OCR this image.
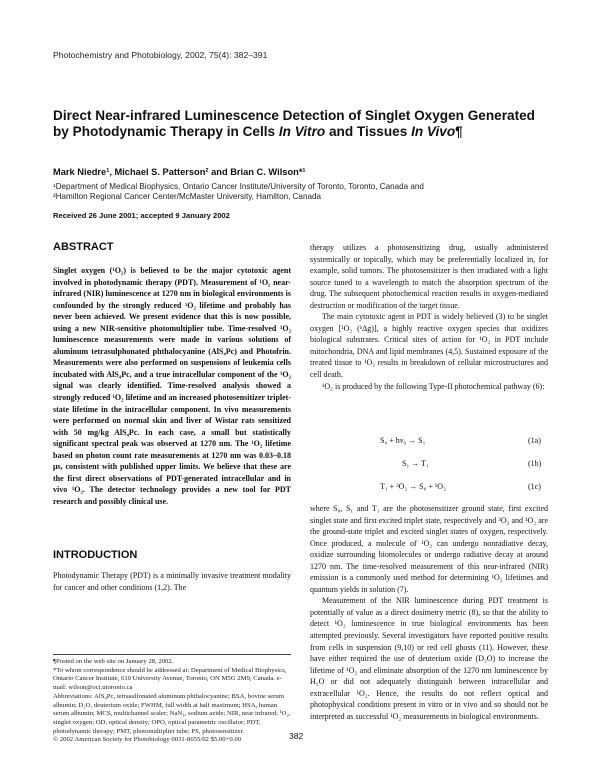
Photochemistry and Photobiology, 2002, 75(4): 382–391
Direct Near-infrared Luminescence Detection of Singlet Oxygen Generated by Photodynamic Therapy in Cells In Vitro and Tissues In Vivo¶
Mark Niedre¹, Michael S. Patterson² and Brian C. Wilson*¹
¹Department of Medical Biophysics, Ontario Cancer Institute/University of Toronto, Toronto, Canada and
²Hamilton Regional Cancer Center/McMaster University, Hamilton, Canada
Received 26 June 2001; accepted 9 January 2002
ABSTRACT

Singlet oxygen (¹O₂) is believed to be the major cytotoxic agent involved in photodynamic therapy (PDT). Measurement of ¹O₂ near-infrared (NIR) luminescence at 1270 nm in biological environments is confounded by the strongly reduced ¹O₂ lifetime and probably has never been achieved. We present evidence that this is now possible, using a new NIR-sensitive photomultiplier tube. Time-resolved ¹O₂ luminescence measurements were made in various solutions of aluminum tetrasulphonated phthalocyanine (AlS₄Pc) and Photofrin. Measurements were also performed on suspensions of leukemia cells incubated with AlS₄Pc, and a true intracellular component of the ¹O₂ signal was clearly identified. Time-resolved analysis showed a strongly reduced ¹O₂ lifetime and an increased photosensitizer triplet-state lifetime in the intracellular component. In vivo measurements were performed on normal skin and liver of Wistar rats sensitized with 50 mg/kg AlS₄Pc. In each case, a small but statistically significant spectral peak was observed at 1270 nm. The ¹O₂ lifetime based on photon count rate measurements at 1270 nm was 0.03–0.18 μs, consistent with published upper limits. We believe that these are the first direct observations of PDT-generated intracellular and in vivo ¹O₂. The detector technology provides a new tool for PDT research and possibly clinical use.

INTRODUCTION

Photodynamic Therapy (PDT) is a minimally invasive treatment modality for cancer and other conditions (1,2). The

¶Posted on the web site on January 28, 2002.

*To whom correspondence should be addressed at: Department of Medical Biophysics, Ontario Cancer Institute, 610 University Avenue, Toronto, ON M5G 2M9, Canada. e-mail: wilson@oci.utoronto.ca

Abbreviations: AlS₄Pc, tetrasulfonated aluminum phthalocyanine; BSA, bovine serum albumin; D₂O, deuterium oxide; FWHM, full width at half maximum; HSA, human serum albumin; MCS, multichannel scaler; NaN₃, sodium azide; NIR, near infrared; ¹O₂, singlet oxygen; OD, optical density; OPO, optical parametric oscillator; PDT, photodynamic therapy; PMT, photomultiplier tube; PS, photosensitizer.

© 2002 American Society for Photobiology 0031-8655/02 $5.00+0.00

therapy utilizes a photosensitizing drug, usually administered systemically or topically, which may be preferentially localized in, for example, solid tumors. The photosensitizer is then irradiated with a light source tuned to a wavelength to match the absorption spectrum of the drug. The subsequent photochemical reaction results in oxygen-mediated destruction or modification of the target tissue.

The main cytotoxic agent in PDT is widely believed (3) to be singlet oxygen [¹O₂ (¹Δg)], a highly reactive oxygen species that oxidizes biological substrates. Critical sites of action for ¹O₂ in PDT include mitochondria, DNA and lipid membranes (4,5). Sustained exposure of the treated tissue to ¹O₂ results in breakdown of cellular microstructures and cell death.

¹O₂ is produced by the following Type-II photochemical pathway (6):

S₀ + hν₀ → S₁	(1a)
S₁ → T₁	(1b)
T₁ + ³O₂ → S₀ + ¹O₂	(1c)

where S₀, S₁ and T₁ are the photosensitizer ground state, first excited singlet state and first excited triplet state, respectively and ³O₂ and ¹O₂ are the ground-state triplet and excited singlet states of oxygen, respectively. Once produced, a molecule of ¹O₂ can undergo nonradiative decay, oxidize surrounding biomolecules or undergo radiative decay at around 1270 nm. The time-resolved measurement of this near-infrared (NIR) emission is a commonly used method for determining ¹O₂ lifetimes and quantum yields in solution (7).

Measurement of the NIR luminescence during PDT treatment is potentially of value as a direct dosimetry metric (8), so that the ability to detect ¹O₂ luminescence in true biological environments has been attempted previously. Several investigators have reported positive results from cells in suspension (9,10) or red cell ghosts (11). However, these have either required the use of deuterium oxide (D₂O) to increase the lifetime of ¹O₂ and eliminate absorption of the 1270 nm luminescence by H₂O or did not adequately distinguish between intracellular and extracellular ¹O₂. Hence, the results do not reflect optical and photophysical conditions present in vitro or in vivo and so should not be interpreted as successful ¹O₂ measurements in biological environments.

382
